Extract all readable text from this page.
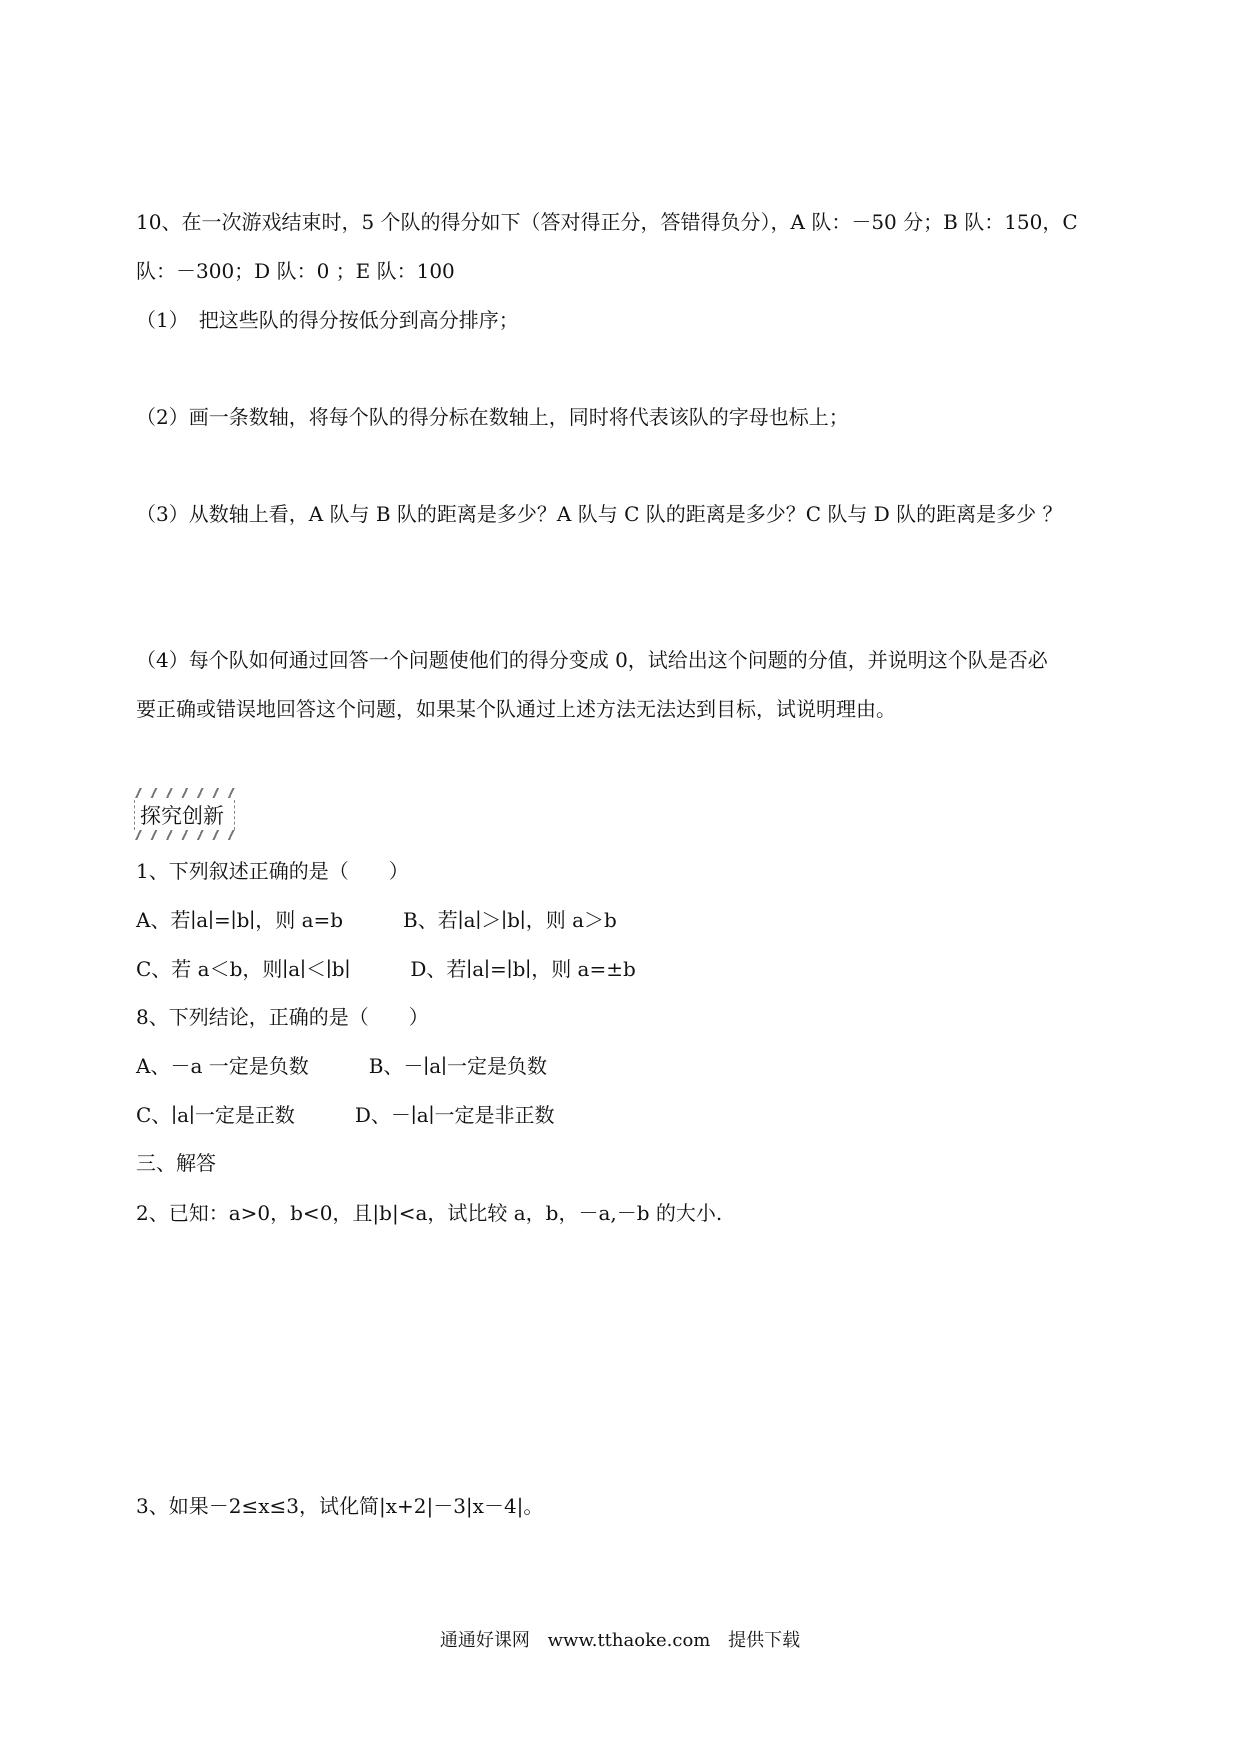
10、在一次游戏结束时，5 个队的得分如下（答对得正分，答错得负分），A 队：－50 分；B 队：150，C
队：－300；D 队：0 ；E 队：100
（1）　把这些队的得分按低分到高分排序；
（2）画一条数轴，将每个队的得分标在数轴上，同时将代表该队的字母也标上；
（3）从数轴上看，A 队与 B 队的距离是多少？A 队与 C 队的距离是多少？C 队与 D 队的距离是多少 ？
（4）每个队如何通过回答一个问题使他们的得分变成 0，试给出这个问题的分值，并说明这个队是否必
要正确或错误地回答这个问题，如果某个队通过上述方法无法达到目标，试说明理由。
探究创新
1、下列叙述正确的是（　　）
A、若∣a∣=∣b∣，则 a=b　　　B、若∣a∣＞∣b∣，则 a＞b
C、若 a＜b，则∣a∣＜∣b∣　　　D、若∣a∣=∣b∣，则 a=±b
8、下列结论，正确的是（　　）
A、－a 一定是负数　　　B、－∣a∣一定是负数
C、∣a∣一定是正数　　　D、－∣a∣一定是非正数
三、解答
2、已知：a>0，b<0，且|b|<a，试比较 a，b，－a,－b 的大小.
3、如果－2≤x≤3，试化简|x+2|－3|x－4|。
通通好课网 www.tthaoke.com 提供下载
